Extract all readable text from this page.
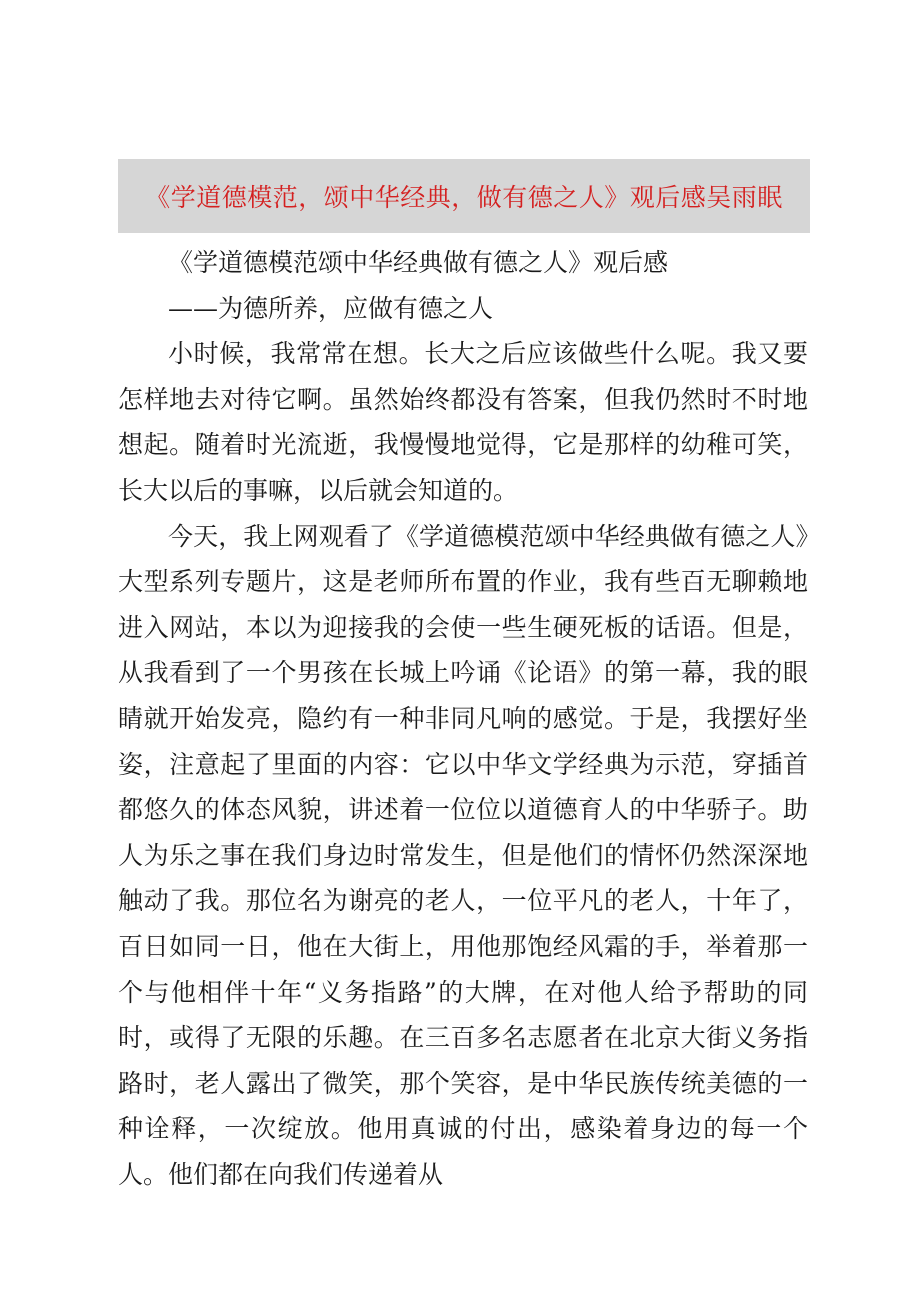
《学道德模范，颂中华经典，做有德之人》观后感吴雨眠

《学道德模范颂中华经典做有德之人》观后感

——为德所养，应做有德之人

小时候，我常常在想。长大之后应该做些什么呢。我又要怎样地去对待它啊。虽然始终都没有答案，但我仍然时不时地想起。随着时光流逝，我慢慢地觉得，它是那样的幼稚可笑，长大以后的事嘛，以后就会知道的。

今天，我上网观看了《学道德模范颂中华经典做有德之人》大型系列专题片，这是老师所布置的作业，我有些百无聊赖地进入网站，本以为迎接我的会使一些生硬死板的话语。但是，从我看到了一个男孩在长城上吟诵《论语》的第一幕，我的眼睛就开始发亮，隐约有一种非同凡响的感觉。于是，我摆好坐姿，注意起了里面的内容：它以中华文学经典为示范，穿插首都悠久的体态风貌，讲述着一位位以道德育人的中华骄子。助人为乐之事在我们身边时常发生，但是他们的情怀仍然深深地触动了我。那位名为谢亮的老人，一位平凡的老人，十年了，百日如同一日，他在大街上，用他那饱经风霜的手，举着那一个与他相伴十年“义务指路”的大牌，在对他人给予帮助的同时，或得了无限的乐趣。在三百多名志愿者在北京大街义务指路时，老人露出了微笑，那个笑容，是中华民族传统美德的一种诠释，一次绽放。他用真诚的付出，感染着身边的每一个人。他们都在向我们传递着从
